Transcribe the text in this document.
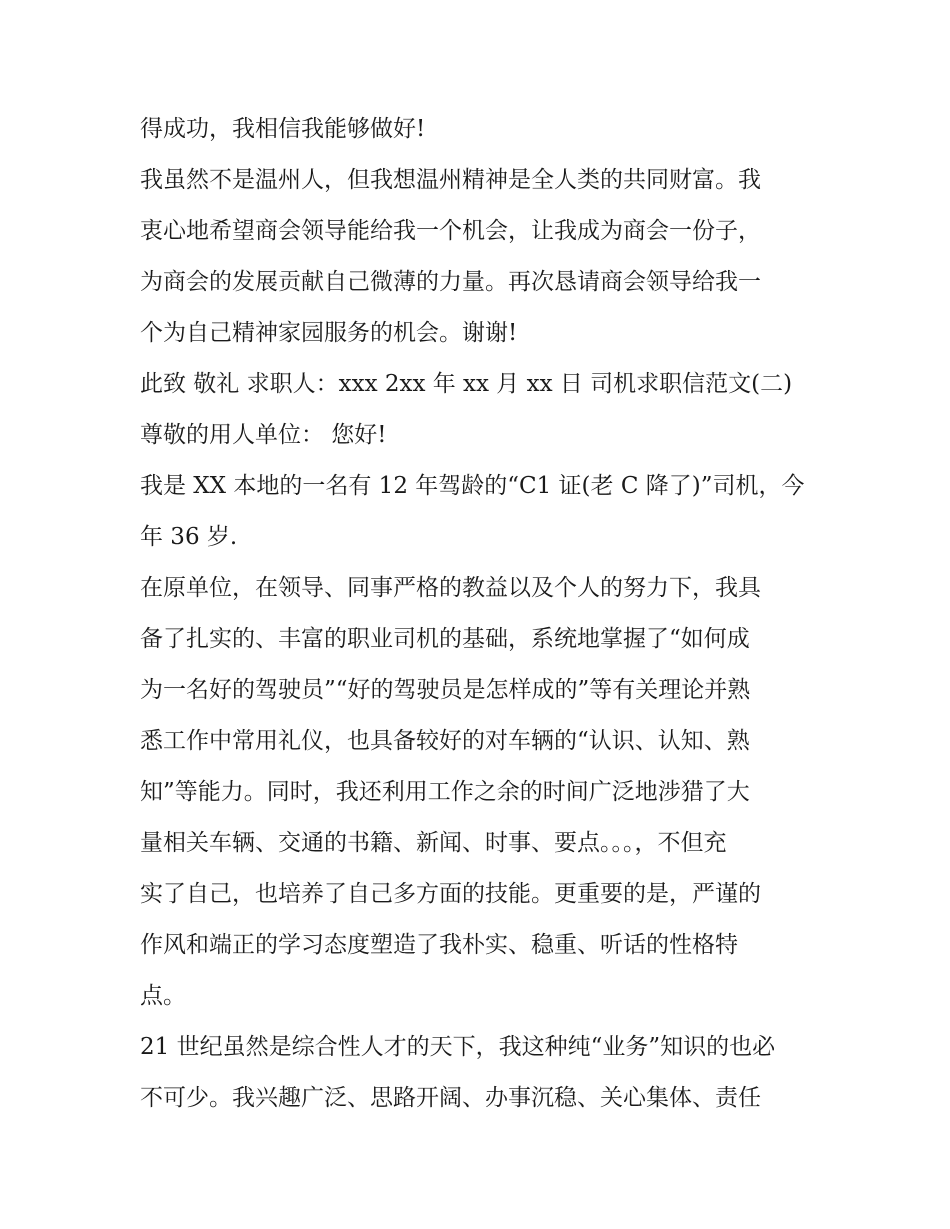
得成功，我相信我能够做好!
我虽然不是温州人，但我想温州精神是全人类的共同财富。我
衷心地希望商会领导能给我一个机会，让我成为商会一份子，
为商会的发展贡献自己微薄的力量。再次恳请商会领导给我一
个为自己精神家园服务的机会。谢谢!
此致 敬礼 求职人：xxx 2xx 年 xx 月 xx 日 司机求职信范文(二)
尊敬的用人单位： 您好!
我是 XX 本地的一名有 12 年驾龄的“C1 证(老 C 降了)”司机，今
年 36 岁.
在原单位，在领导、同事严格的教益以及个人的努力下，我具
备了扎实的、丰富的职业司机的基础，系统地掌握了“如何成
为一名好的驾驶员”“好的驾驶员是怎样成的”等有关理论并熟
悉工作中常用礼仪，也具备较好的对车辆的“认识、认知、熟
知”等能力。同时，我还利用工作之余的时间广泛地涉猎了大
量相关车辆、交通的书籍、新闻、时事、要点。。。，不但充
实了自己，也培养了自己多方面的技能。更重要的是，严谨的
作风和端正的学习态度塑造了我朴实、稳重、听话的性格特
点。
21 世纪虽然是综合性人才的天下，我这种纯“业务”知识的也必
不可少。我兴趣广泛、思路开阔、办事沉稳、关心集体、责任
